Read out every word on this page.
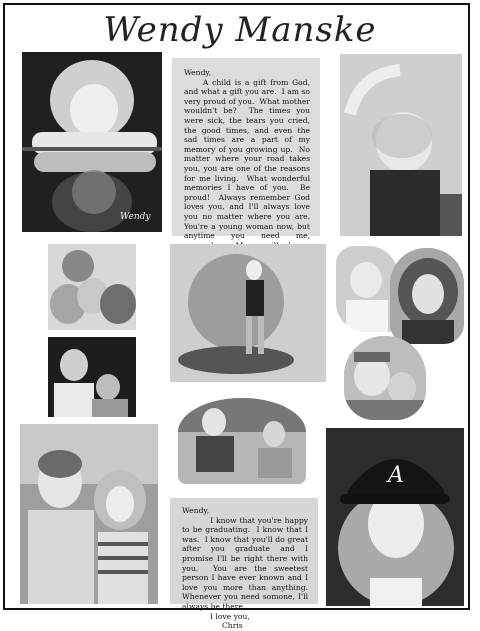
Wendy Manske
Wendy

Wendy,

A child is a gift from God, and what a gift you are.  I am so very proud of you.  What mother wouldn't be?  The times you were sick, the tears you cried, the good times, and even the sad times are a part of my memory of you growing up.  No matter where your road takes you, you are one of the reasons for me living.  What wonderful memories I have of you.  Be proud!  Always remember God loves you, and I'll always love you no matter where you are.  You're a young woman now, but anytime you need me,

Wendy,

I know that you're happy to be graduating.  I know that I was.  I know that you'll do great after you graduate and I promise I'll be right there with you.  You are the sweetest person I have ever known and I love you more than anything.  Whenever you need somone, I'll always be there.

I love you,

Chris

A
